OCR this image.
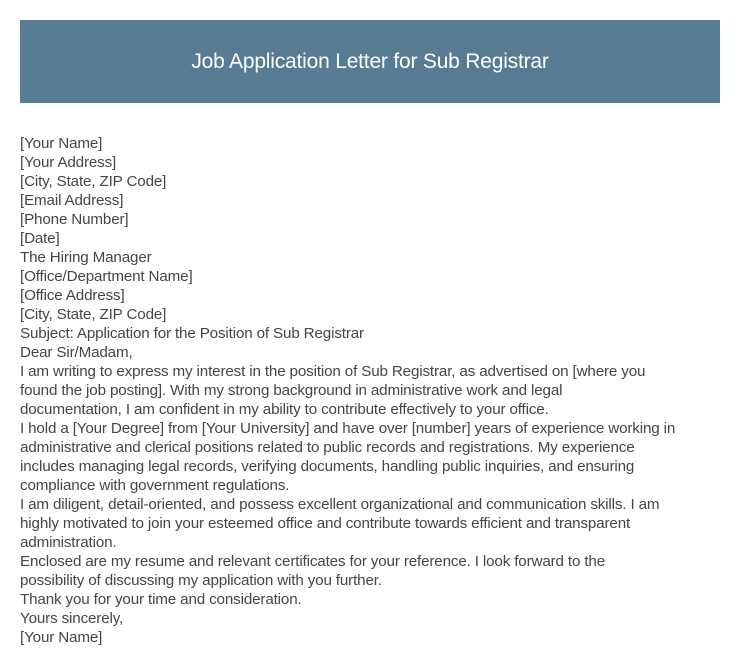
Job Application Letter for Sub Registrar
[Your Name]
[Your Address]
[City, State, ZIP Code]
[Email Address]
[Phone Number]
[Date]
The Hiring Manager
[Office/Department Name]
[Office Address]
[City, State, ZIP Code]
Subject: Application for the Position of Sub Registrar
Dear Sir/Madam,
I am writing to express my interest in the position of Sub Registrar, as advertised on [where you
found the job posting]. With my strong background in administrative work and legal
documentation, I am confident in my ability to contribute effectively to your office.
I hold a [Your Degree] from [Your University] and have over [number] years of experience working in
administrative and clerical positions related to public records and registrations. My experience
includes managing legal records, verifying documents, handling public inquiries, and ensuring
compliance with government regulations.
I am diligent, detail-oriented, and possess excellent organizational and communication skills. I am
highly motivated to join your esteemed office and contribute towards efficient and transparent
administration.
Enclosed are my resume and relevant certificates for your reference. I look forward to the
possibility of discussing my application with you further.
Thank you for your time and consideration.
Yours sincerely,
[Your Name]
